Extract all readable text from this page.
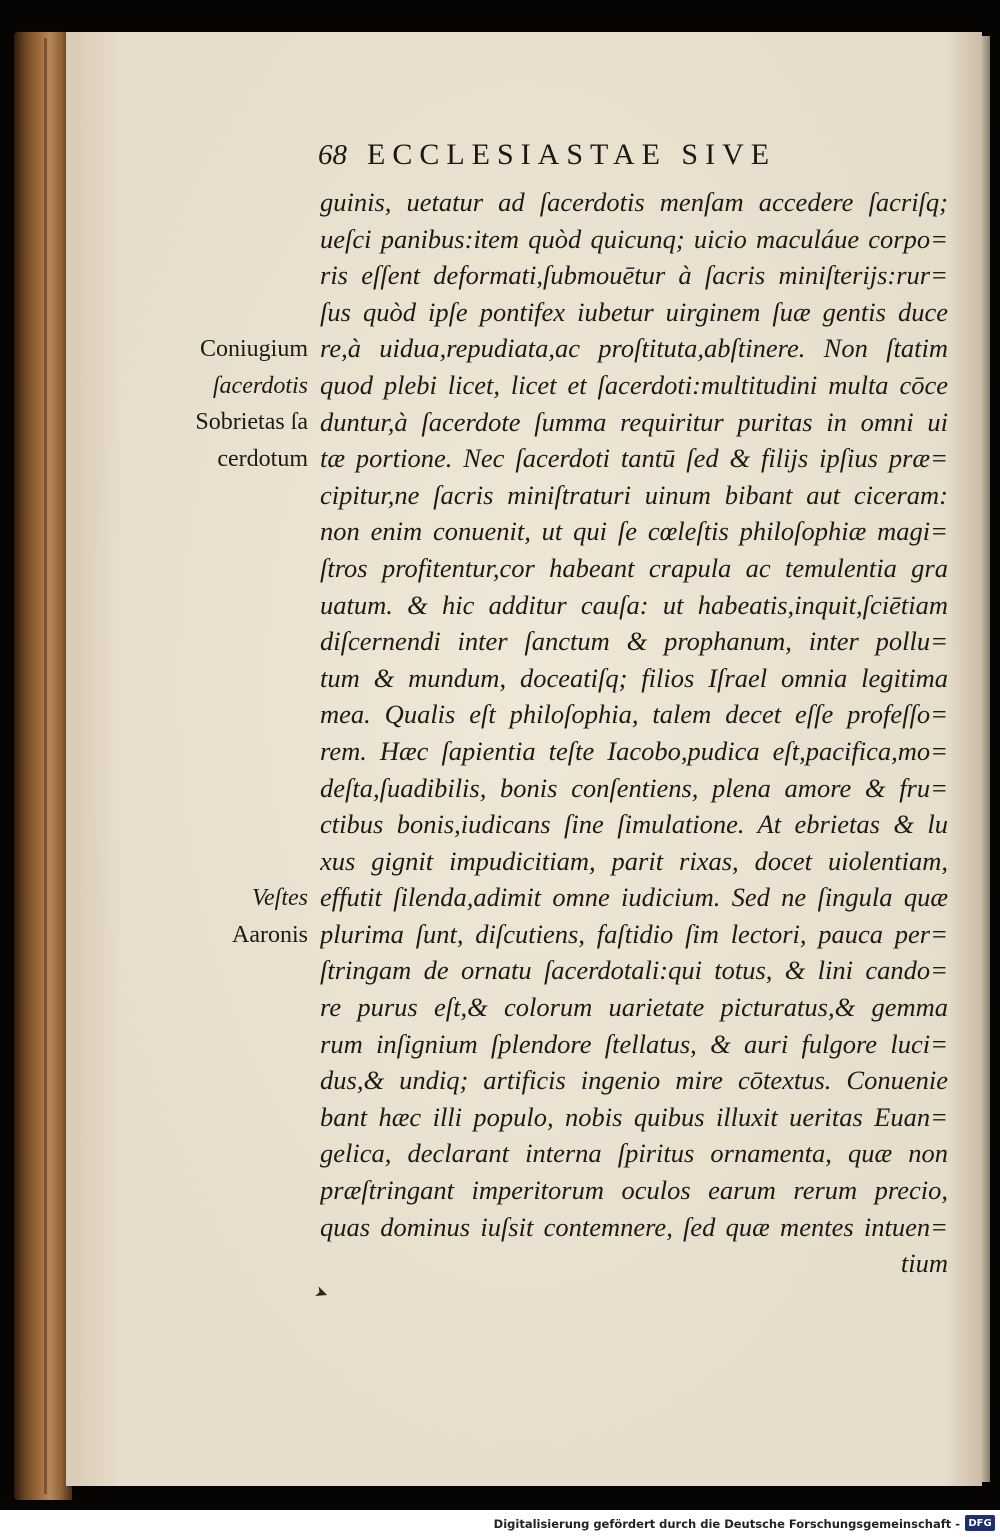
68 ECCLESIASTAE SIVE
guinis, uetatur ad ſacerdotis menſam accedere ſacriſq;
ueſci panibus:item quòd quicunq; uicio maculáue corpo=
ris eſſent deformati,ſubmouētur à ſacris miniſterijs:rur=
ſus quòd ipſe pontifex iubetur uirginem ſuæ gentis duce
re,à uidua,repudiata,ac proſtituta,abſtinere. Non ſtatim
quod plebi licet, licet et ſacerdoti:multitudini multa cōce
duntur,à ſacerdote ſumma requiritur puritas in omni ui
tæ portione. Nec ſacerdoti tantū ſed & filijs ipſius præ=
cipitur,ne ſacris miniſtraturi uinum bibant aut ciceram:
non enim conuenit, ut qui ſe cœleſtis philoſophiæ magi=
ſtros profitentur,cor habeant crapula ac temulentia gra
uatum. & hic additur cauſa: ut habeatis,inquit,ſciētiam
diſcernendi inter ſanctum & prophanum, inter pollu=
tum & mundum, doceatiſq; filios Iſrael omnia legitima
mea. Qualis eſt philoſophia, talem decet eſſe profeſſo=
rem. Hæc ſapientia teſte Iacobo,pudica eſt,pacifica,mo=
deſta,ſuadibilis, bonis conſentiens, plena amore & fru=
ctibus bonis,iudicans ſine ſimulatione. At ebrietas & lu
xus gignit impudicitiam, parit rixas, docet uiolentiam,
effutit ſilenda,adimit omne iudicium. Sed ne ſingula quæ
plurima ſunt, diſcutiens, faſtidio ſim lectori, pauca per=
ſtringam de ornatu ſacerdotali:qui totus, & lini cando=
re purus eſt,& colorum uarietate picturatus,& gemma
rum inſignium ſplendore ſtellatus, & auri fulgore luci=
dus,& undiq; artificis ingenio mire cōtextus. Conuenie
bant hæc illi populo, nobis quibus illuxit ueritas Euan=
gelica, declarant interna ſpiritus ornamenta, quæ non
præſtringant imperitorum oculos earum rerum precio,
quas dominus iuſsit contemnere, ſed quæ mentes intuen=
tium
Coniugium
ſacerdotis
Sobrietas ſa
cerdotum
Veſtes
Aaronis
➤
Digitalisierung gefördert durch die Deutsche Forschungsgemeinschaft - DFG
